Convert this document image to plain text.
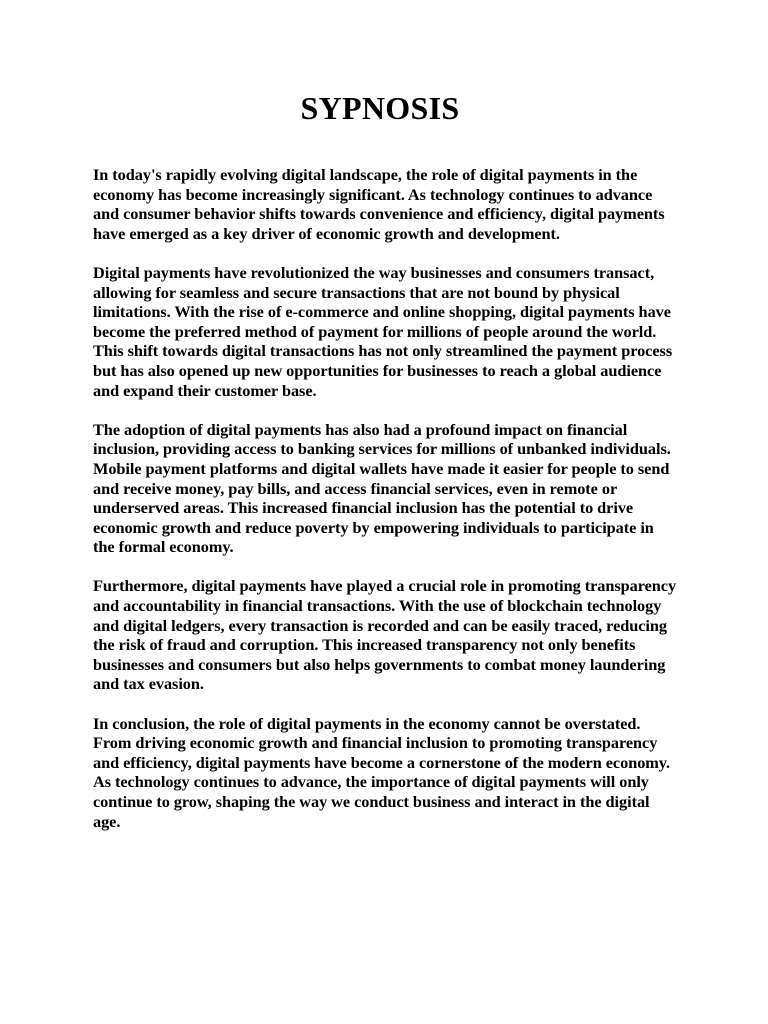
SYPNOSIS

In today's rapidly evolving digital landscape, the role of digital payments in the economy has become increasingly significant. As technology continues to advance and consumer behavior shifts towards convenience and efficiency, digital payments have emerged as a key driver of economic growth and development.

Digital payments have revolutionized the way businesses and consumers transact, allowing for seamless and secure transactions that are not bound by physical limitations. With the rise of e-commerce and online shopping, digital payments have become the preferred method of payment for millions of people around the world. This shift towards digital transactions has not only streamlined the payment process but has also opened up new opportunities for businesses to reach a global audience and expand their customer base.

The adoption of digital payments has also had a profound impact on financial inclusion, providing access to banking services for millions of unbanked individuals. Mobile payment platforms and digital wallets have made it easier for people to send and receive money, pay bills, and access financial services, even in remote or underserved areas. This increased financial inclusion has the potential to drive economic growth and reduce poverty by empowering individuals to participate in the formal economy.

Furthermore, digital payments have played a crucial role in promoting transparency and accountability in financial transactions. With the use of blockchain technology and digital ledgers, every transaction is recorded and can be easily traced, reducing the risk of fraud and corruption. This increased transparency not only benefits businesses and consumers but also helps governments to combat money laundering and tax evasion.

In conclusion, the role of digital payments in the economy cannot be overstated. From driving economic growth and financial inclusion to promoting transparency and efficiency, digital payments have become a cornerstone of the modern economy. As technology continues to advance, the importance of digital payments will only continue to grow, shaping the way we conduct business and interact in the digital age.
